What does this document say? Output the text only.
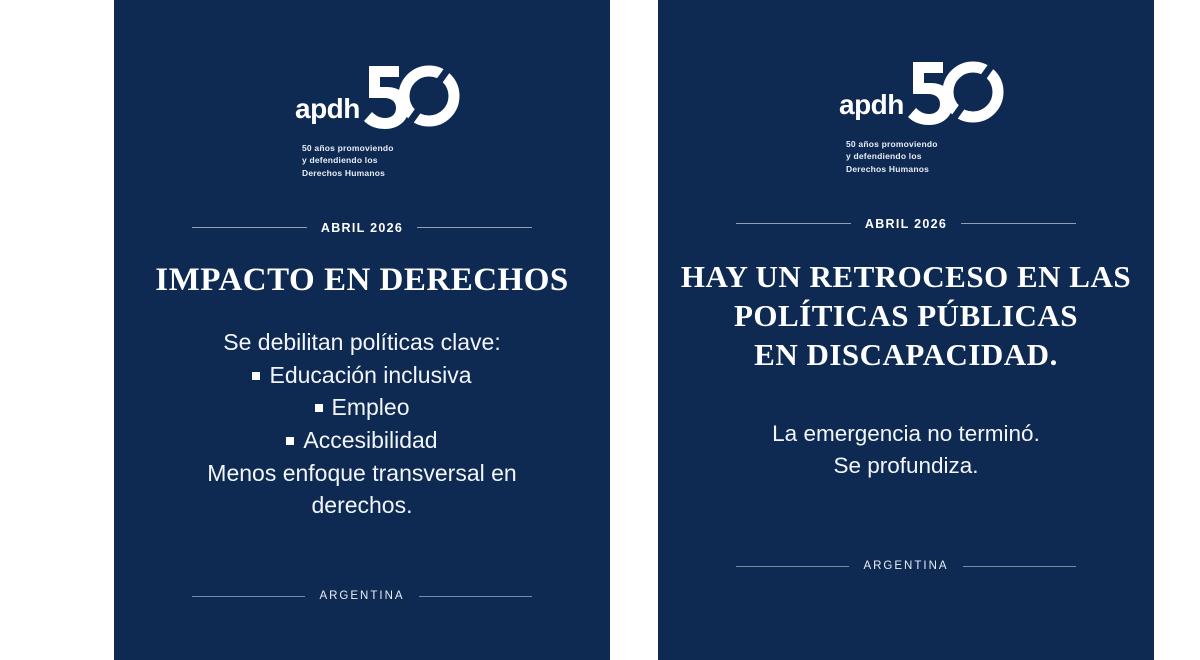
apdh
50 años promoviendo
y defendiendo los
Derechos Humanos
ABRIL 2026
IMPACTO EN DERECHOS
Se debilitan políticas clave:
Educación inclusiva
Empleo
Accesibilidad
Menos enfoque transversal en
derechos.
ARGENTINA
apdh
50 años promoviendo
y defendiendo los
Derechos Humanos
ABRIL 2026
HAY UN RETROCESO EN LAS
POLÍTICAS PÚBLICAS
EN DISCAPACIDAD.
La emergencia no terminó.
Se profundiza.
ARGENTINA
